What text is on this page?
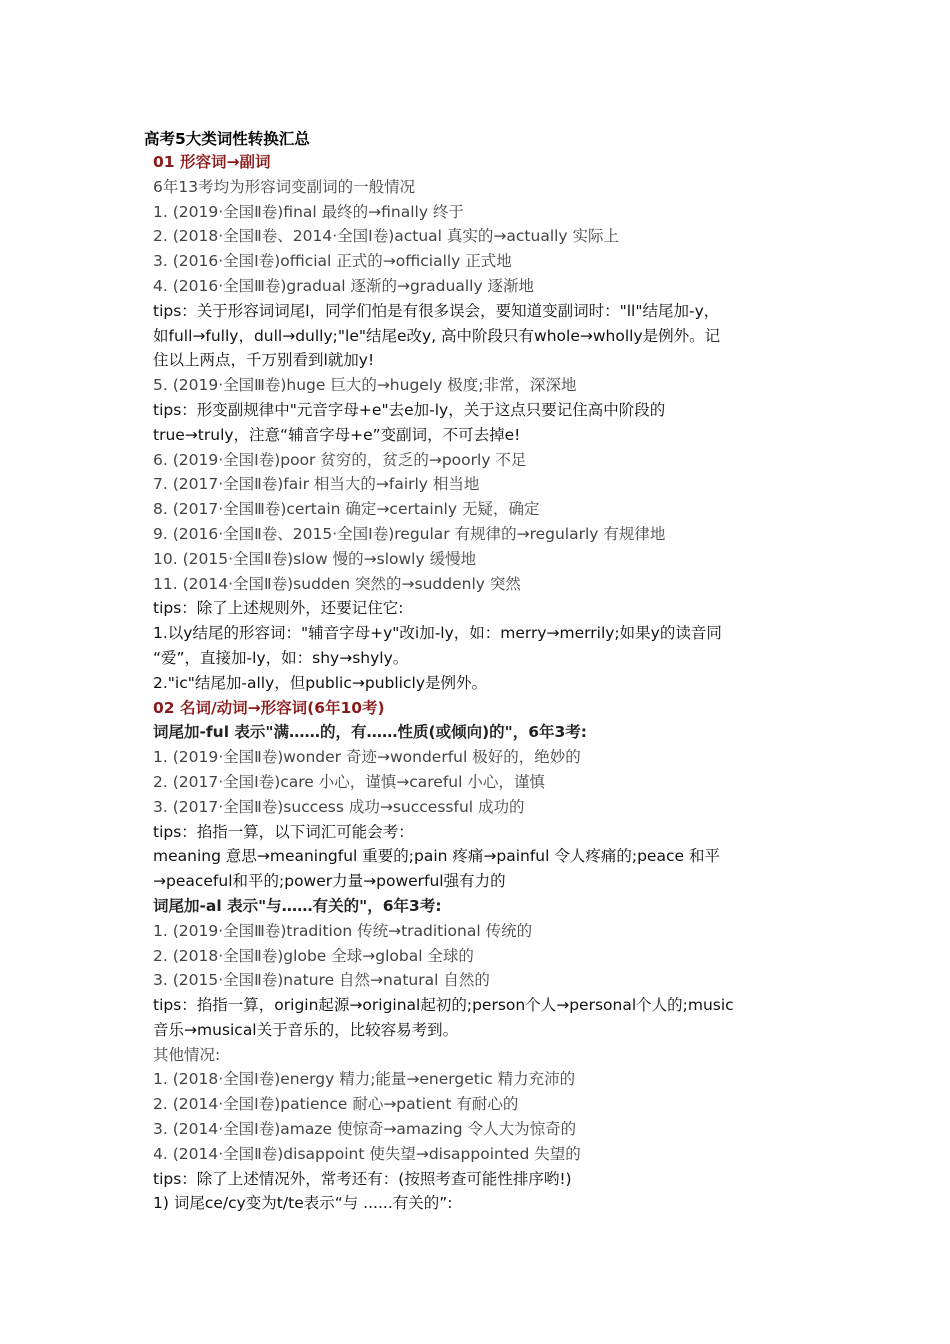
高考5大类词性转换汇总
01 形容词→副词
6年13考均为形容词变副词的一般情况
1. (2019·全国Ⅱ卷)final 最终的→finally 终于
2. (2018·全国Ⅱ卷、2014·全国Ⅰ卷)actual 真实的→actually 实际上
3. (2016·全国Ⅰ卷)official 正式的→officially 正式地
4. (2016·全国Ⅲ卷)gradual 逐渐的→gradually 逐渐地
tips：关于形容词词尾l，同学们怕是有很多误会，要知道变副词时："ll"结尾加-y，
如full→fully，dull→dully;"le"结尾e改y, 高中阶段只有whole→wholly是例外。记
住以上两点，千万别看到l就加y!
5. (2019·全国Ⅲ卷)huge 巨大的→hugely 极度;非常，深深地
tips：形变副规律中"元音字母+e"去e加-ly，关于这点只要记住高中阶段的
true→truly，注意“辅音字母+e”变副词，不可去掉e!
6. (2019·全国Ⅰ卷)poor 贫穷的，贫乏的→poorly 不足
7. (2017·全国Ⅱ卷)fair 相当大的→fairly 相当地
8. (2017·全国Ⅲ卷)certain 确定→certainly 无疑，确定
9. (2016·全国Ⅱ卷、2015·全国Ⅰ卷)regular 有规律的→regularly 有规律地
10. (2015·全国Ⅱ卷)slow 慢的→slowly 缓慢地
11. (2014·全国Ⅱ卷)sudden 突然的→suddenly 突然
tips：除了上述规则外，还要记住它:
1.以y结尾的形容词："辅音字母+y"改i加-ly，如：merry→merrily;如果y的读音同
“爱”，直接加-ly，如：shy→shyly。
2."ic"结尾加-ally，但public→publicly是例外。
02 名词/动词→形容词(6年10考)
词尾加-ful 表示"满……的，有……性质(或倾向)的"，6年3考:
1. (2019·全国Ⅱ卷)wonder 奇迹→wonderful 极好的，绝妙的
2. (2017·全国Ⅰ卷)care 小心，谨慎→careful 小心，谨慎
3. (2017·全国Ⅱ卷)success 成功→successful 成功的
tips：掐指一算，以下词汇可能会考：
meaning 意思→meaningful 重要的;pain 疼痛→painful 令人疼痛的;peace 和平
→peaceful和平的;power力量→powerful强有力的
词尾加-al 表示"与……有关的"，6年3考:
1. (2019·全国Ⅲ卷)tradition 传统→traditional 传统的
2. (2018·全国Ⅱ卷)globe 全球→global 全球的
3. (2015·全国Ⅱ卷)nature 自然→natural 自然的
tips：掐指一算，origin起源→original起初的;person个人→personal个人的;music
音乐→musical关于音乐的，比较容易考到。
其他情况:
1. (2018·全国Ⅰ卷)energy 精力;能量→energetic 精力充沛的
2. (2014·全国Ⅰ卷)patience 耐心→patient 有耐心的
3. (2014·全国Ⅰ卷)amaze 使惊奇→amazing 令人大为惊奇的
4. (2014·全国Ⅱ卷)disappoint 使失望→disappointed 失望的
tips：除了上述情况外，常考还有：(按照考查可能性排序哟!)
1) 词尾ce/cy变为t/te表示“与 ......有关的”:
